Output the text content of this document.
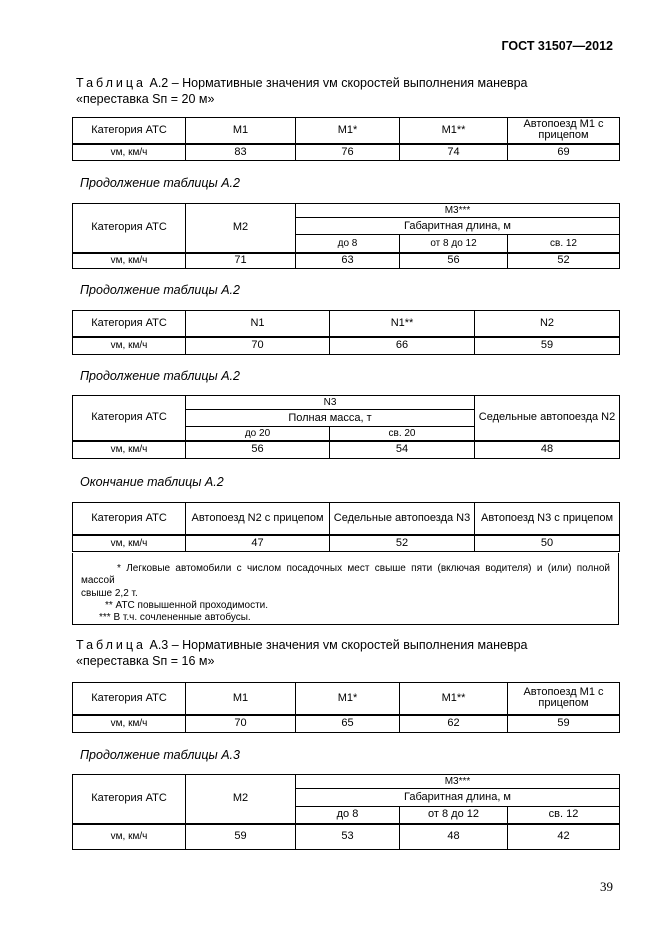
ГОСТ 31507—2012
Таблица А.2 – Нормативные значения vм скоростей выполнения маневра
«переставка Sп = 20 м»
Категория АТС	M1	M1*	M1**	Автопоезд М1 с прицепом
vм, км/ч	83	76	74	69
Продолжение таблицы А.2
Категория АТС	M2	M3***		
		Габаритная длина, м		
		до 8	от 8 до 12	св. 12
vм, км/ч	71	63	56	52
Продолжение таблицы А.2
Категория АТС	N1	N1**	N2
vм, км/ч	70	66	59
Продолжение таблицы А.2
Категория АТС	N3		Седельные автопоезда N2
	Полная масса, т		
	до 20	св. 20	
vм, км/ч	56	54	48
Окончание таблицы А.2
Категория АТС	Автопоезд N2 с прицепом	Седельные автопоезда N3	Автопоезд N3 с прицепом
vм, км/ч	47	52	50
* Легковые автомобили с числом посадочных мест свыше пяти (включая водителя) и (или) полной массой
свыше 2,2 т.
** АТС повышенной проходимости.
*** В т.ч. сочлененные автобусы.
Таблица А.3 – Нормативные значения vм скоростей выполнения маневра
«переставка Sп = 16 м»
Категория АТС	M1	M1*	M1**	Автопоезд М1 с прицепом
vм, км/ч	70	65	62	59
Продолжение таблицы А.3
Категория АТС	M2	M3***		
		Габаритная длина, м		
		до 8	от 8 до 12	св. 12
vм, км/ч	59	53	48	42
39
